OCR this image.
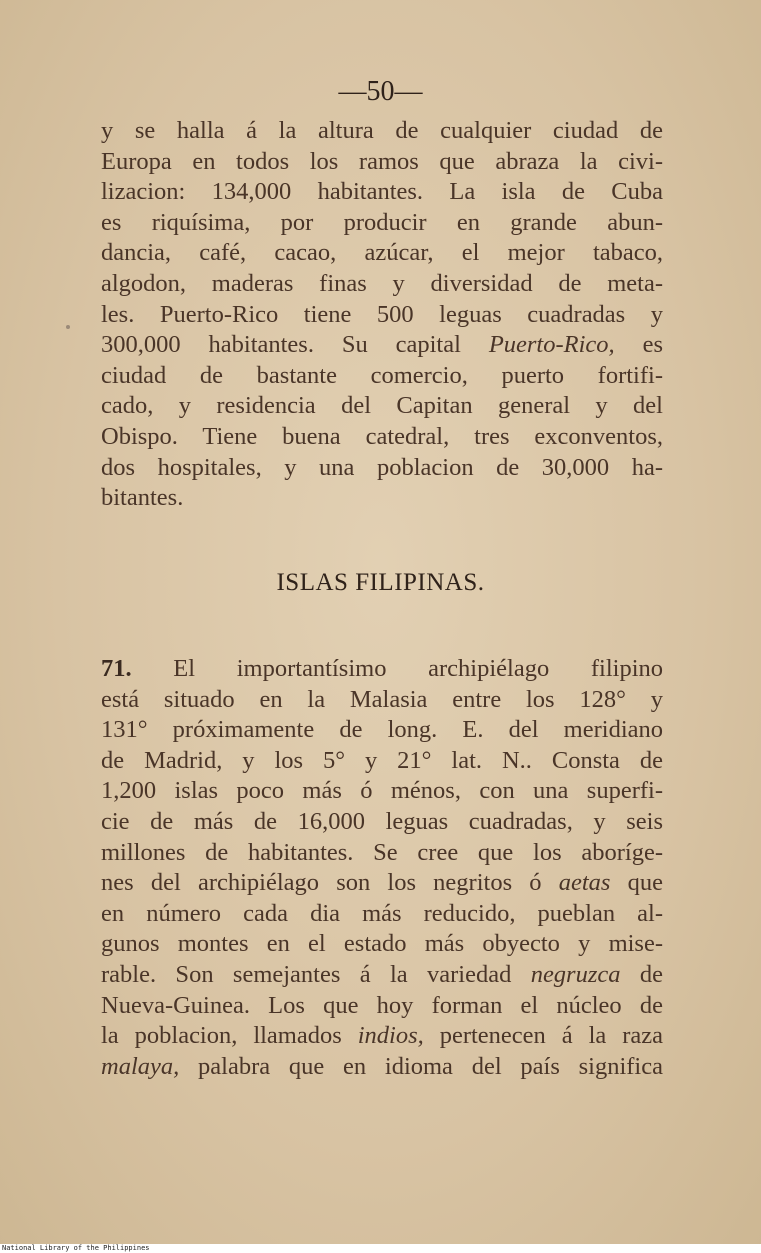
—50—
y se halla á la altura de cualquier ciudad de
Europa en todos los ramos que abraza la civi-
lizacion: 134,000 habitantes. La isla de Cuba
es riquísima, por producir en grande abun-
dancia, café, cacao, azúcar, el mejor tabaco,
algodon, maderas finas y diversidad de meta-
les. Puerto-Rico tiene 500 leguas cuadradas y
300,000 habitantes. Su capital Puerto-Rico, es
ciudad de bastante comercio, puerto fortifi-
cado, y residencia del Capitan general y del
Obispo. Tiene buena catedral, tres exconventos,
dos hospitales, y una poblacion de 30,000 ha-
bitantes.
ISLAS FILIPINAS.
71. El importantísimo archipiélago filipino
está situado en la Malasia entre los 128° y
131° próximamente de long. E. del meridiano
de Madrid, y los 5° y 21° lat. N.. Consta de
1,200 islas poco más ó ménos, con una superfi-
cie de más de 16,000 leguas cuadradas, y seis
millones de habitantes. Se cree que los aboríge-
nes del archipiélago son los negritos ó aetas que
en número cada dia más reducido, pueblan al-
gunos montes en el estado más obyecto y mise-
rable. Son semejantes á la variedad negruzca de
Nueva-Guinea. Los que hoy forman el núcleo de
la poblacion, llamados indios, pertenecen á la raza
malaya, palabra que en idioma del país significa
National Library of the Philippines
